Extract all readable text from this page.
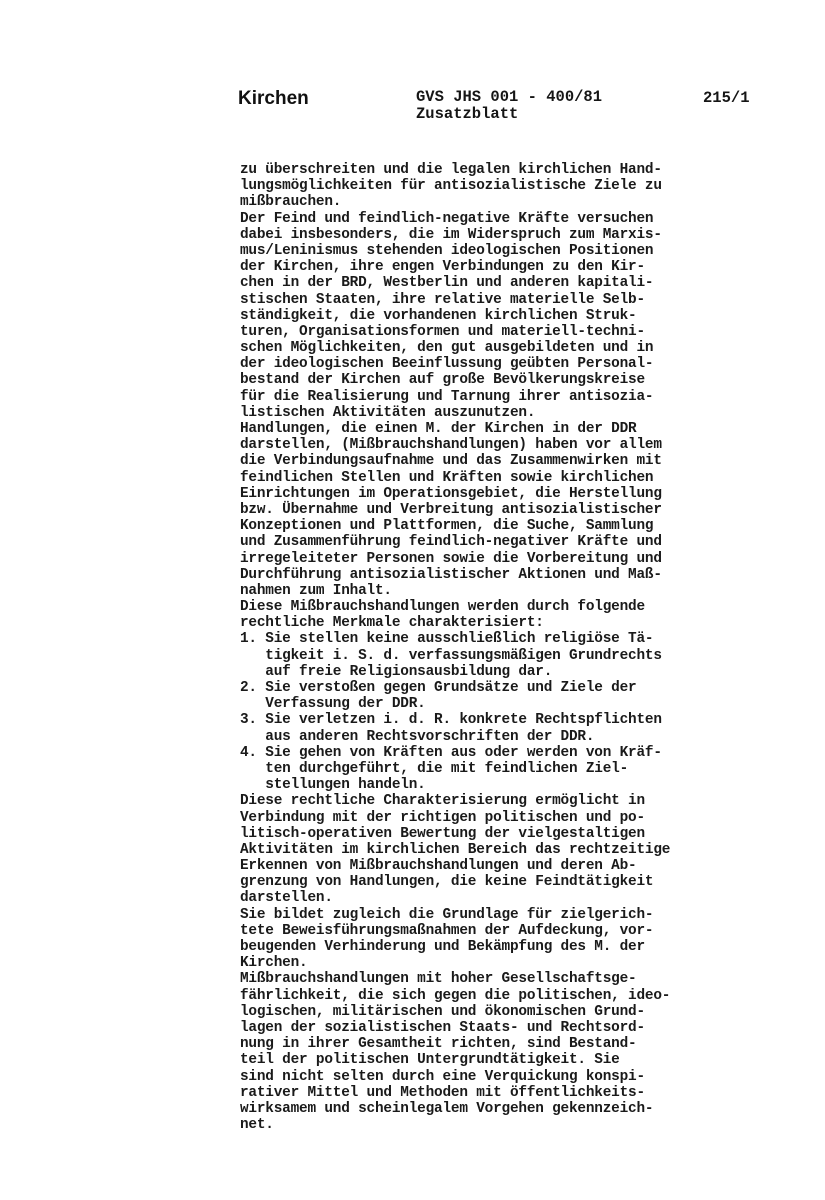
Kirchen	GVS JHS 001 - 400/81
Zusatzblatt
215/1
zu überschreiten und die legalen kirchlichen Hand-
lungsmöglichkeiten für antisozialistische Ziele zu
mißbrauchen.
Der Feind und feindlich-negative Kräfte versuchen
dabei insbesonders, die im Widerspruch zum Marxis-
mus/Leninismus stehenden ideologischen Positionen
der Kirchen, ihre engen Verbindungen zu den Kir-
chen in der BRD, Westberlin und anderen kapitali-
stischen Staaten, ihre relative materielle Selb-
ständigkeit, die vorhandenen kirchlichen Struk-
turen, Organisationsformen und materiell-techni-
schen Möglichkeiten, den gut ausgebildeten und in
der ideologischen Beeinflussung geübten Personal-
bestand der Kirchen auf große Bevölkerungskreise
für die Realisierung und Tarnung ihrer antisozia-
listischen Aktivitäten auszunutzen.
Handlungen, die einen M. der Kirchen in der DDR
darstellen, (Mißbrauchshandlungen) haben vor allem
die Verbindungsaufnahme und das Zusammenwirken mit
feindlichen Stellen und Kräften sowie kirchlichen
Einrichtungen im Operationsgebiet, die Herstellung
bzw. Übernahme und Verbreitung antisozialistischer
Konzeptionen und Plattformen, die Suche, Sammlung
und Zusammenführung feindlich-negativer Kräfte und
irregeleiteter Personen sowie die Vorbereitung und
Durchführung antisozialistischer Aktionen und Maß-
nahmen zum Inhalt.
Diese Mißbrauchshandlungen werden durch folgende
rechtliche Merkmale charakterisiert:
1. Sie stellen keine ausschließlich religiöse Tä-
tigkeit i. S. d. verfassungsmäßigen Grundrechts
auf freie Religionsausbildung dar.
2. Sie verstoßen gegen Grundsätze und Ziele der
Verfassung der DDR.
3. Sie verletzen i. d. R. konkrete Rechtspflichten
aus anderen Rechtsvorschriften der DDR.
4. Sie gehen von Kräften aus oder werden von Kräf-
ten durchgeführt, die mit feindlichen Ziel-
stellungen handeln.
Diese rechtliche Charakterisierung ermöglicht in
Verbindung mit der richtigen politischen und po-
litisch-operativen Bewertung der vielgestaltigen
Aktivitäten im kirchlichen Bereich das rechtzeitige
Erkennen von Mißbrauchshandlungen und deren Ab-
grenzung von Handlungen, die keine Feindtätigkeit
darstellen.
Sie bildet zugleich die Grundlage für zielgerich-
tete Beweisführungsmaßnahmen der Aufdeckung, vor-
beugenden Verhinderung und Bekämpfung des M. der
Kirchen.
Mißbrauchshandlungen mit hoher Gesellschaftsge-
fährlichkeit, die sich gegen die politischen, ideo-
logischen, militärischen und ökonomischen Grund-
lagen der sozialistischen Staats- und Rechtsord-
nung in ihrer Gesamtheit richten, sind Bestand-
teil der politischen Untergrundtätigkeit. Sie
sind nicht selten durch eine Verquickung konspi-
rativer Mittel und Methoden mit öffentlichkeits-
wirksamem und scheinlegalem Vorgehen gekennzeich-
net.
